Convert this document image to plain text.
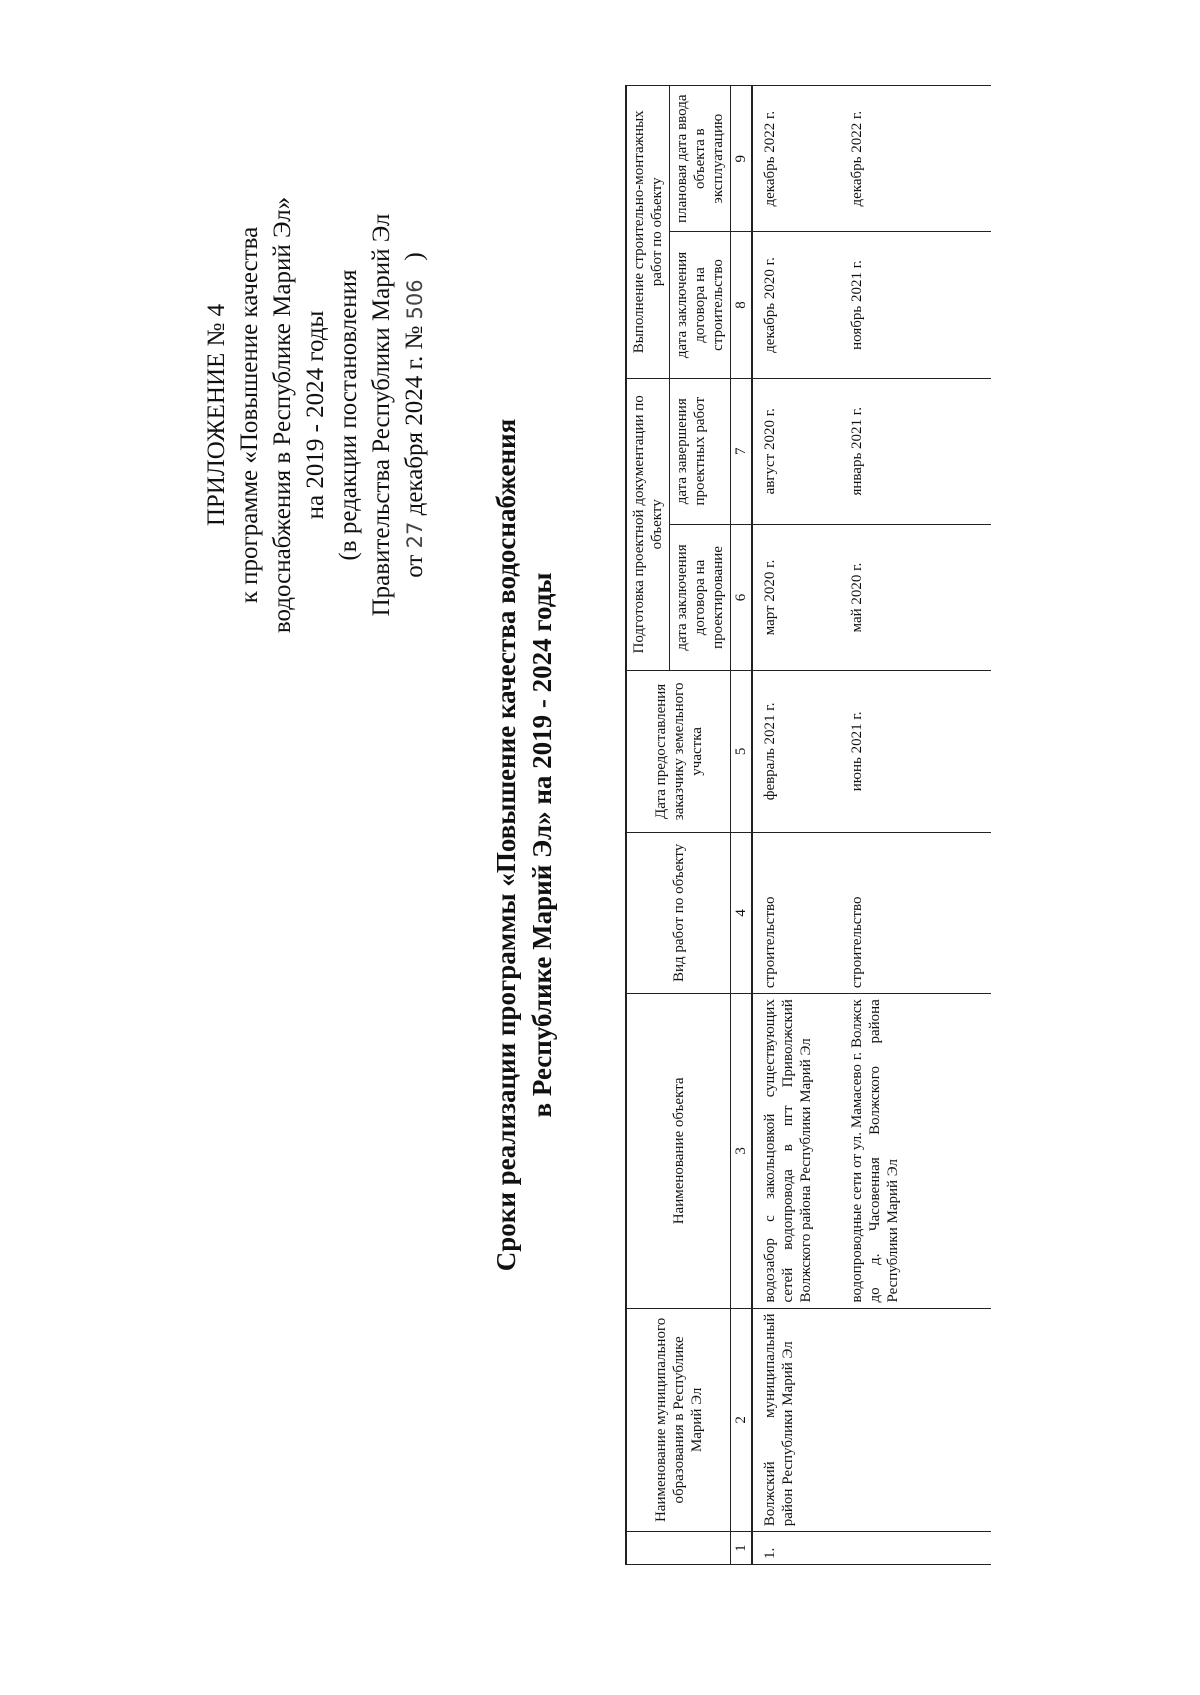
ПРИЛОЖЕНИЕ № 4 к программе «Повышение качества водоснабжения в Республике Марий Эл» на 2019 - 2024 годы (в редакции постановления Правительства Республики Марий Эл от 27 декабря 2024 г. № 506   )
Сроки реализации программы «Повышение качества водоснабжения в Республике Марий Эл» на 2019 - 2024 годы
	Наименование муниципального образования в Республике Марий Эл	Наименование объекта	Вид работ по объекту	Дата предоставления заказчику земельного участка	Подготовка проектной документации по объекту		Выполнение строительно-монтажных работ по объекту	
					дата заключения договора на проектирование	дата завершения проектных работ	дата заключения договора на строительство	плановая дата ввода объекта в эксплуатацию
1	2	3	4	5	6	7	8	9
1.	Волжский муниципальный район Республики Марий Эл	водозабор с закольцовкой существующих сетей водопровода в пгт Приволжский Волжского района Республики Марий Эл	строительство	февраль 2021 г.	март 2020 г.	август 2020 г.	декабрь 2020 г.	декабрь 2022 г.
		водопроводные сети от ул. Мамасево г. Волжск до д. Часовенная Волжского района Республики Марий Эл	строительство	июнь 2021 г.	май 2020 г.	январь 2021 г.	ноябрь 2021 г.	декабрь 2022 г.
